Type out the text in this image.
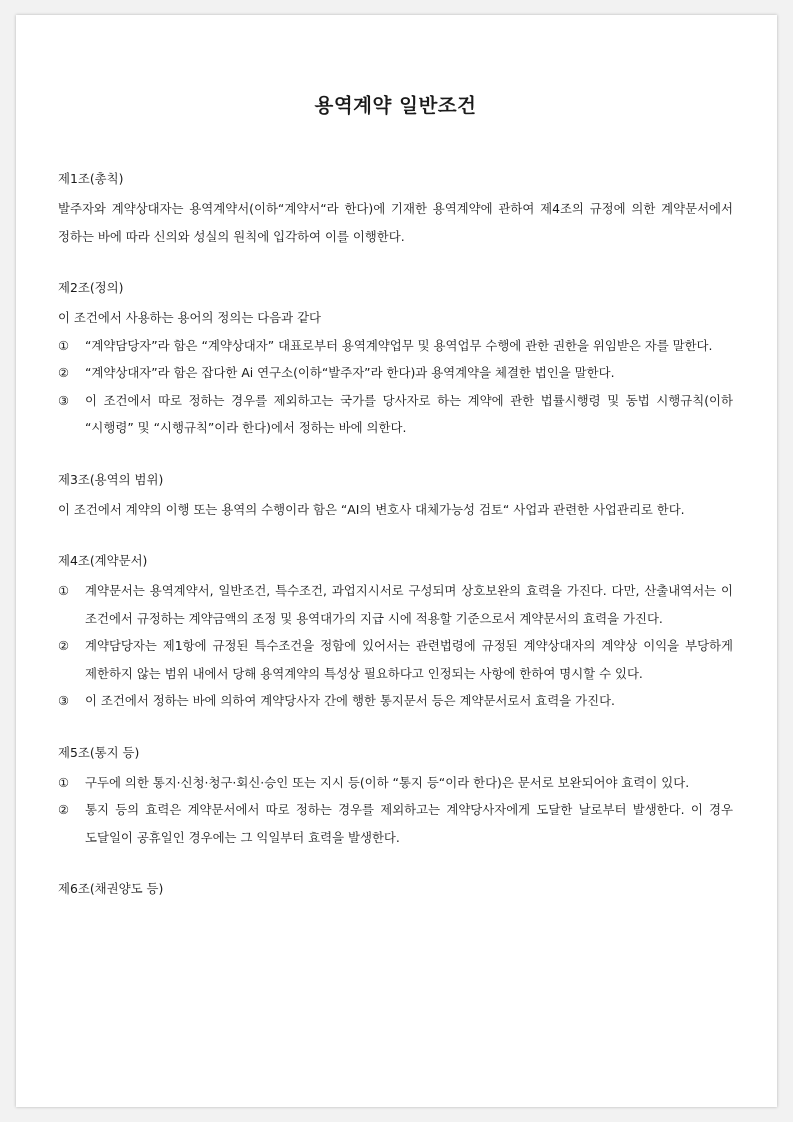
용역계약 일반조건

제1조(총칙)

발주자와 계약상대자는 용역계약서(이하“계약서“라 한다)에 기재한 용역계약에 관하여 제4조의 규정에 의한 계약문서에서 정하는 바에 따라 신의와 성실의 원칙에 입각하여 이를 이행한다.

제2조(정의)

이 조건에서 사용하는 용어의 정의는 다음과 같다

①	“계약담당자”라 함은 “계약상대자” 대표로부터 용역계약업무 및 용역업무 수행에 관한 권한을 위임받은 자를 말한다.
②	“계약상대자”라 함은 잡다한 Ai 연구소(이하“발주자”라 한다)과 용역계약을 체결한 법인을 말한다.
③	이 조건에서 따로 정하는 경우를 제외하고는 국가를 당사자로 하는 계약에 관한 법률시행령 및 동법 시행규칙(이하 “시행령” 및 “시행규칙”이라 한다)에서 정하는 바에 의한다.

제3조(용역의 범위)

이 조건에서 계약의 이행 또는 용역의 수행이라 함은 “AI의 변호사 대체가능성 검토“ 사업과 관련한 사업관리로 한다.

제4조(계약문서)

①	계약문서는 용역계약서, 일반조건, 특수조건, 과업지시서로 구성되며 상호보완의 효력을 가진다. 다만, 산출내역서는 이 조건에서 규정하는 계약금액의 조정 및 용역대가의 지급 시에 적용할 기준으로서 계약문서의 효력을 가진다.
②	계약담당자는 제1항에 규정된 특수조건을 정함에 있어서는 관련법령에 규정된 계약상대자의 계약상 이익을 부당하게 제한하지 않는 범위 내에서 당해 용역계약의 특성상 필요하다고 인정되는 사항에 한하여 명시할 수 있다.
③	이 조건에서 정하는 바에 의하여 계약당사자 간에 행한 통지문서 등은 계약문서로서 효력을 가진다.

제5조(통지 등)

①	구두에 의한 통지·신청·청구·회신·승인 또는 지시 등(이하 “통지 등“이라 한다)은 문서로 보완되어야 효력이 있다.
②	통지 등의 효력은 계약문서에서 따로 정하는 경우를 제외하고는 계약당사자에게 도달한 날로부터 발생한다. 이 경우 도달일이 공휴일인 경우에는 그 익일부터 효력을 발생한다.

제6조(채권양도 등)
